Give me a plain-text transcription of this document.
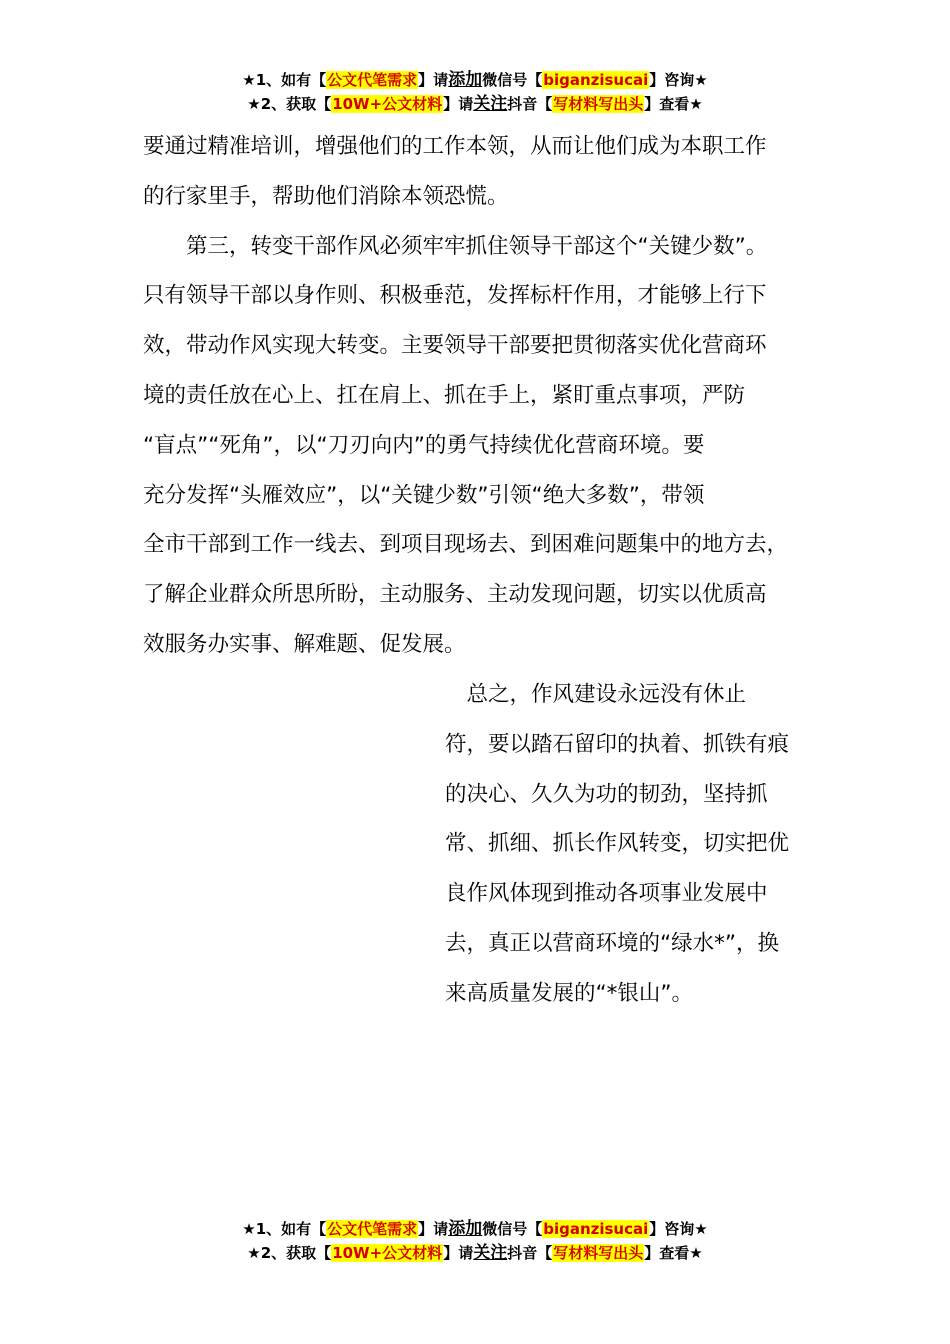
★1、如有【公文代笔需求】请添加微信号【biganzisucai】咨询★
★2、获取【10W+公文材料】请关注抖音【写材料写出头】查看★

要通过精准培训，增强他们的工作本领，从而让他们成为本职工作

的行家里手，帮助他们消除本领恐慌。

　　第三，转变干部作风必须牢牢抓住领导干部这个“关键少数”。

只有领导干部以身作则、积极垂范，发挥标杆作用，才能够上行下

效，带动作风实现大转变。主要领导干部要把贯彻落实优化营商环

境的责任放在心上、扛在肩上、抓在手上，紧盯重点事项，严防

“盲点”“死角”，以“刀刃向内”的勇气持续优化营商环境。要

充分发挥“头雁效应”，以“关键少数”引领“绝大多数”，带领

全市干部到工作一线去、到项目现场去、到困难问题集中的地方去，

了解企业群众所思所盼，主动服务、主动发现问题，切实以优质高

效服务办实事、解难题、促发展。

　总之，作风建设永远没有休止

符，要以踏石留印的执着、抓铁有痕

的决心、久久为功的韧劲，坚持抓

常、抓细、抓长作风转变，切实把优

良作风体现到推动各项事业发展中

去，真正以营商环境的“绿水*”，换

来高质量发展的“*银山”。

★1、如有【公文代笔需求】请添加微信号【biganzisucai】咨询★
★2、获取【10W+公文材料】请关注抖音【写材料写出头】查看★
